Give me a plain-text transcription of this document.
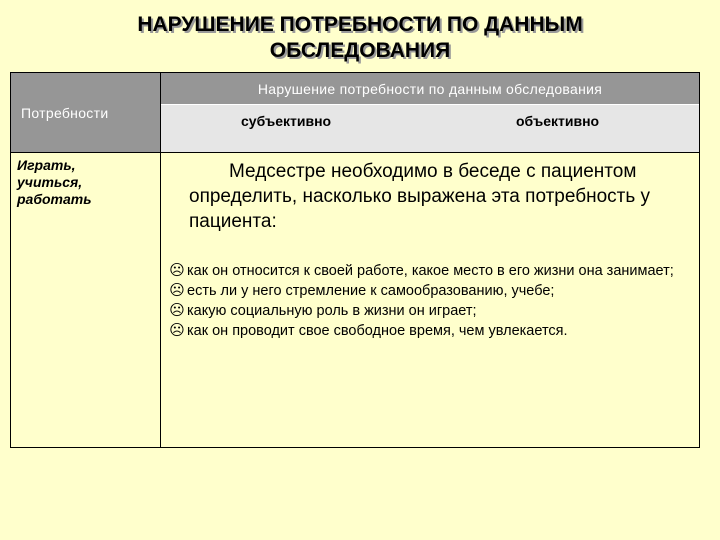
НАРУШЕНИЕ ПОТРЕБНОСТИ ПО ДАННЫМ
ОБСЛЕДОВАНИЯ
Потребности
Нарушение потребности по данным обследования
субъективно	объективно
Играть,
учиться,
работать
Медсестре необходимо в беседе с пациентом определить, насколько выражена эта потребность у пациента:
☹ как он относится к своей работе, какое место в его жизни она занимает;
☹ есть ли у него стремление к самообразованию, учебе;
☹ какую социальную роль в жизни он играет;
☹ как он проводит свое свободное время, чем увлекается.
